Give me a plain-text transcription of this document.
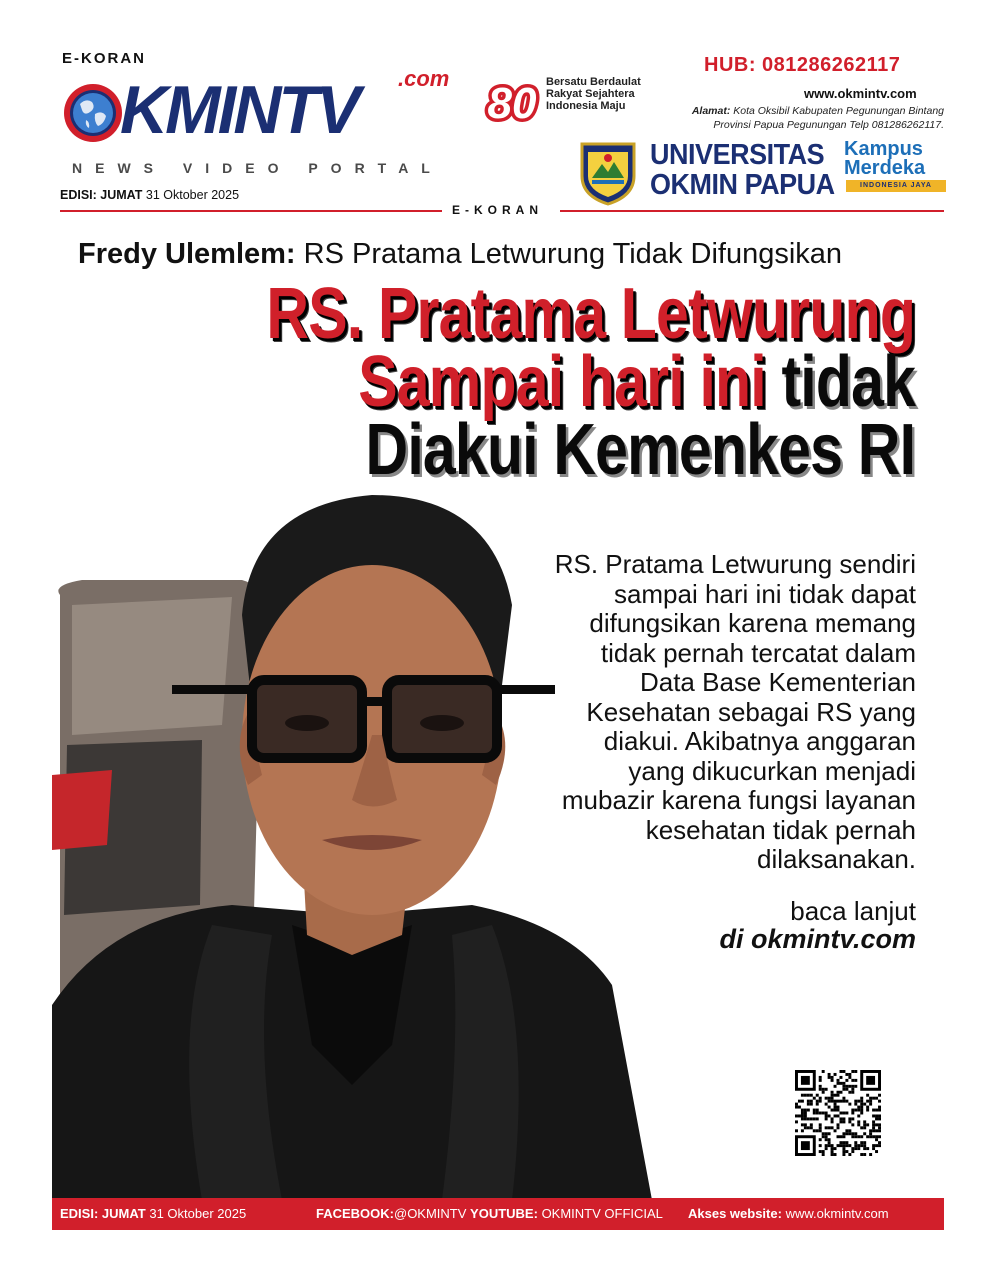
E-KORAN
KMINTV .com
NEWS VIDEO PORTAL
EDISI: JUMAT 31 Oktober 2025
E-KORAN
80 Bersatu Berdaulat Rakyat Sejahtera Indonesia Maju
HUB: 081286262117
www.okmintv.com
Alamat: Kota Oksibil Kabupaten Pegunungan Bintang Provinsi Papua Pegunungan Telp 081286262117.
UNIVERSITAS
OKMIN PAPUA
Kampus
Merdeka
INDONESIA JAYA
Fredy Ulemlem: RS Pratama Letwurung Tidak Difungsikan
RS. Pratama Letwurung
Sampai hari ini tidak
Diakui Kemenkes RI
RS. Pratama Letwurung sendiri
sampai hari ini tidak dapat
difungsikan karena memang
tidak pernah tercatat dalam
Data Base Kementerian
Kesehatan sebagai RS yang
diakui. Akibatnya anggaran
yang dikucurkan menjadi
mubazir karena fungsi layanan
kesehatan tidak pernah
dilaksanakan.
baca lanjut
di okmintv.com
EDISI: JUMAT 31 Oktober 2025	FACEBOOK:@OKMINTV YOUTUBE: OKMINTV OFFICIAL Akses website: www.okmintv.com
